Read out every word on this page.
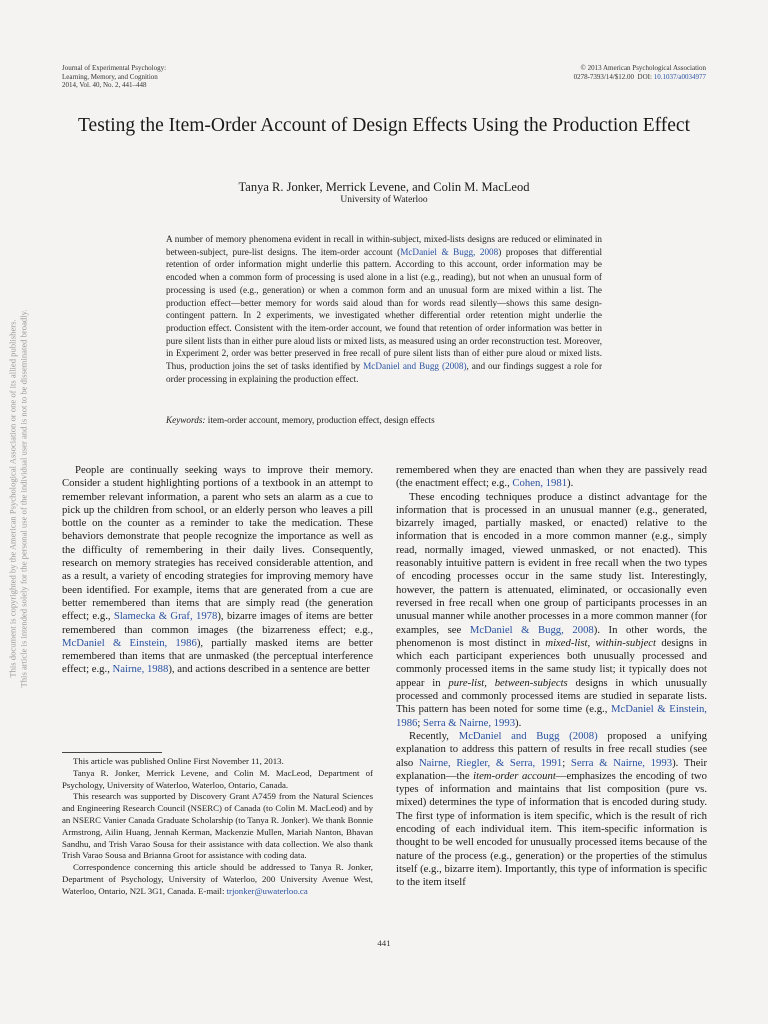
Journal of Experimental Psychology:
Learning, Memory, and Cognition
2014, Vol. 40, No. 2, 441–448
© 2013 American Psychological Association
0278-7393/14/$12.00 DOI: 10.1037/a0034977
Testing the Item-Order Account of Design Effects Using the Production Effect
Tanya R. Jonker, Merrick Levene, and Colin M. MacLeod
University of Waterloo
A number of memory phenomena evident in recall in within-subject, mixed-lists designs are reduced or eliminated in between-subject, pure-list designs. The item-order account (McDaniel & Bugg, 2008) proposes that differential retention of order information might underlie this pattern. According to this account, order information may be encoded when a common form of processing is used alone in a list (e.g., reading), but not when an unusual form of processing is used (e.g., generation) or when a common form and an unusual form are mixed within a list. The production effect—better memory for words said aloud than for words read silently—shows this same design-contingent pattern. In 2 experiments, we investigated whether differential order retention might underlie the production effect. Consistent with the item-order account, we found that retention of order information was better in pure silent lists than in either pure aloud lists or mixed lists, as measured using an order reconstruction test. Moreover, in Experiment 2, order was better preserved in free recall of pure silent lists than of either pure aloud or mixed lists. Thus, production joins the set of tasks identified by McDaniel and Bugg (2008), and our findings suggest a role for order processing in explaining the production effect.
Keywords: item-order account, memory, production effect, design effects
This document is copyrighted by the American Psychological Association or one of its allied publishers. This article is intended solely for the personal use of the individual user and is not to be disseminated broadly.	People are continually seeking ways to improve their memory. Consider a student highlighting portions of a textbook in an attempt to remember relevant information, a parent who sets an alarm as a cue to pick up the children from school, or an elderly person who leaves a pill bottle on the counter as a reminder to take the medication. These behaviors demonstrate that people recognize the importance as well as the difficulty of remembering in their daily lives. Consequently, research on memory strategies has received considerable attention, and as a result, a variety of encoding strategies for improving memory have been identified. For example, items that are generated from a cue are better remembered than items that are simply read (the generation effect; e.g., Slamecka & Graf, 1978), bizarre images of items are better remembered than common images (the bizarreness effect; e.g., McDaniel & Einstein, 1986), partially masked items are better remembered than items that are unmasked (the perceptual interference effect; e.g., Nairne, 1988), and actions described in a sentence are better

remembered when they are enacted than when they are passively read (the enactment effect; e.g., Cohen, 1981).

These encoding techniques produce a distinct advantage for the information that is processed in an unusual manner (e.g., generated, bizarrely imaged, partially masked, or enacted) relative to the information that is encoded in a more common manner (e.g., simply read, normally imaged, viewed unmasked, or not enacted). This reasonably intuitive pattern is evident in free recall when the two types of encoding processes occur in the same study list. Interestingly, however, the pattern is attenuated, eliminated, or occasionally even reversed in free recall when one group of participants processes in an unusual manner while another processes in a more common manner (for examples, see McDaniel & Bugg, 2008). In other words, the phenomenon is most distinct in mixed-list, within-subject designs in which each participant experiences both unusually processed and commonly processed items in the same study list; it typically does not appear in pure-list, between-subjects designs in which unusually processed and commonly processed items are studied in separate lists. This pattern has been noted for some time (e.g., McDaniel & Einstein, 1986; Serra & Nairne, 1993).

Recently, McDaniel and Bugg (2008) proposed a unifying explanation to address this pattern of results in free recall studies (see also Nairne, Riegler, & Serra, 1991; Serra & Nairne, 1993). Their explanation—the item-order account—emphasizes the encoding of two types of information and maintains that list composition (pure vs. mixed) determines the type of information that is encoded during study. The first type of information is item specific, which is the result of rich encoding of each individual item. This item-specific information is thought to be well encoded for unusually processed items because of the nature of the process (e.g., generation) or the properties of the stimulus itself (e.g., bizarre item). Importantly, this type of information is specific to the item itself

This article was published Online First November 11, 2013.

Tanya R. Jonker, Merrick Levene, and Colin M. MacLeod, Department of Psychology, University of Waterloo, Waterloo, Ontario, Canada.

This research was supported by Discovery Grant A7459 from the Natural Sciences and Engineering Research Council (NSERC) of Canada (to Colin M. MacLeod) and by an NSERC Vanier Canada Graduate Scholarship (to Tanya R. Jonker). We thank Bonnie Armstrong, Ailin Huang, Jennah Kerman, Mackenzie Mullen, Mariah Nanton, Bhavan Sandhu, and Trish Varao Sousa for their assistance with data collection. We also thank Trish Varao Sousa and Brianna Groot for assistance with coding data.

Correspondence concerning this article should be addressed to Tanya R. Jonker, Department of Psychology, University of Waterloo, 200 University Avenue West, Waterloo, Ontario, N2L 3G1, Canada. E-mail: trjonker@uwaterloo.ca

441
